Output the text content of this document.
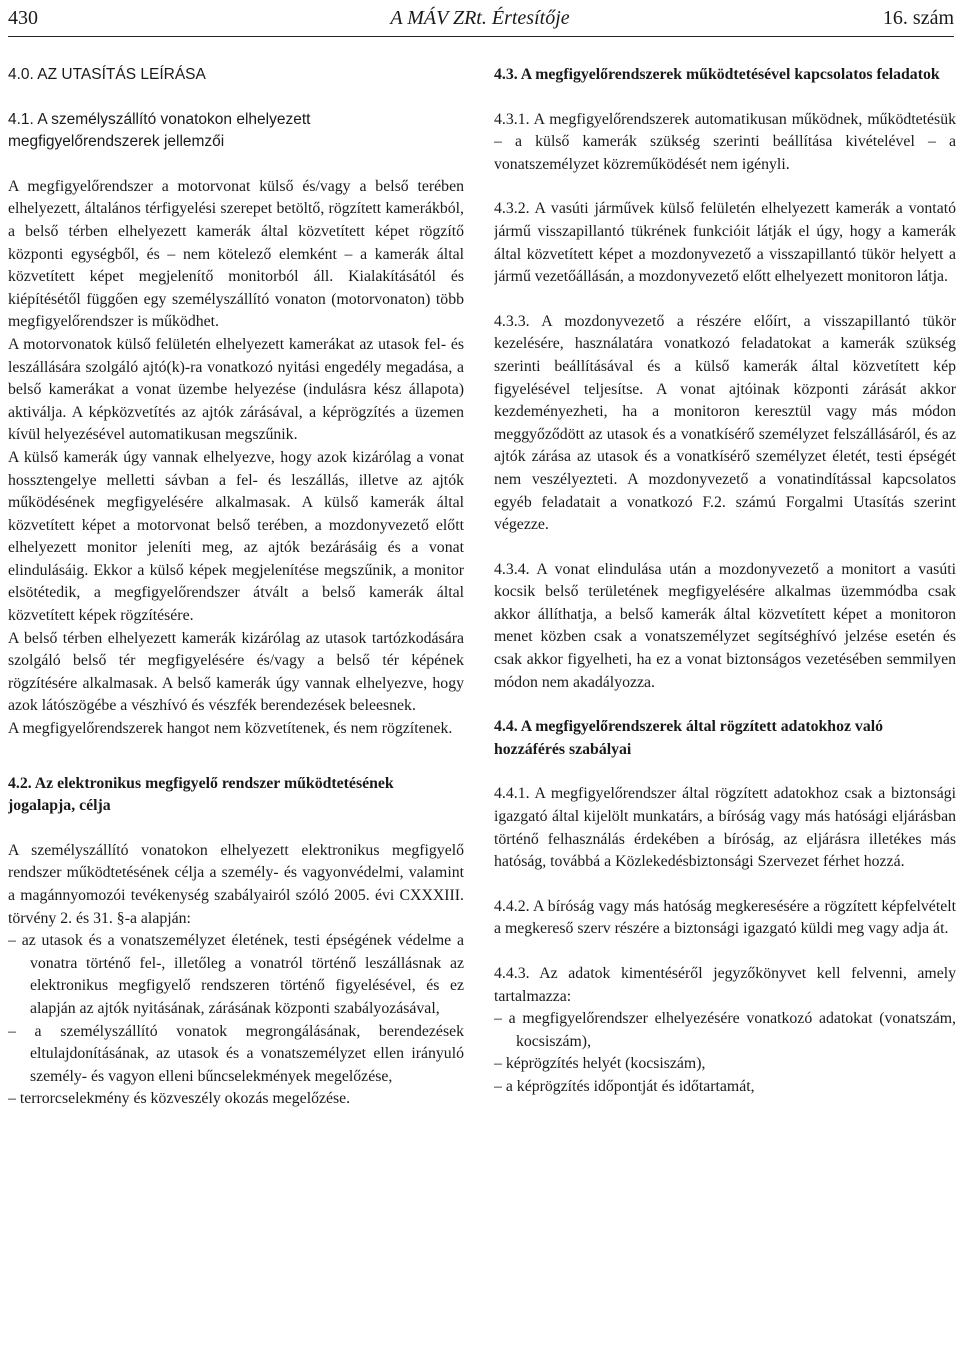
A MÁV ZRt. Értesítője
430	16. szám
4.0. AZ UTASÍTÁS LEÍRÁSA
4.1. A személyszállító vonatokon elhelyezett megfigyelőrendszerek jellemzői

A megfigyelőrendszer a motorvonat külső és/vagy a belső terében elhelyezett, általános térfigyelési szerepet betöltő, rögzített kamerákból, a belső térben elhelyezett kamerák által közvetített képet rögzítő központi egységből, és – nem kötelező elemként – a kamerák által közvetített képet megjelenítő monitorból áll. Kialakításától és kiépítésétől függően egy személyszállító vonaton (motorvonaton) több megfigyelőrendszer is működhet.

A motorvonatok külső felületén elhelyezett kamerákat az utasok fel- és leszállására szolgáló ajtó(k)-ra vonatkozó nyitási engedély megadása, a belső kamerákat a vonat üzembe helyezése (indulásra kész állapota) aktiválja. A képközvetítés az ajtók zárásával, a képrögzítés a üzemen kívül helyezésével automatikusan megszűnik.

A külső kamerák úgy vannak elhelyezve, hogy azok kizárólag a vonat hossztengelye melletti sávban a fel- és leszállás, illetve az ajtók működésének megfigyelésére alkalmasak. A külső kamerák által közvetített képet a motorvonat belső terében, a mozdonyvezető előtt elhelyezett monitor jeleníti meg, az ajtók bezárásáig és a vonat elindulásáig. Ekkor a külső képek megjelenítése megszűnik, a monitor elsötétedik, a megfigyelőrendszer átvált a belső kamerák által közvetített képek rögzítésére.

A belső térben elhelyezett kamerák kizárólag az utasok tartózkodására szolgáló belső tér megfigyelésére és/vagy a belső tér képének rögzítésére alkalmasak. A belső kamerák úgy vannak elhelyezve, hogy azok látószögébe a vészhívó és vészfék berendezések beleesnek.

A megfigyelőrendszerek hangot nem közvetítenek, és nem rögzítenek.

4.2. Az elektronikus megfigyelő rendszer működtetésének jogalapja, célja

A személyszállító vonatokon elhelyezett elektronikus megfigyelő rendszer működtetésének célja a személy- és vagyonvédelmi, valamint a magánnyomozói tevékenység szabályairól szóló 2005. évi CXXXIII. törvény 2. és 31. §-a alapján:

– az utasok és a vonatszemélyzet életének, testi épségének védelme a vonatra történő fel-, illetőleg a vonatról történő leszállásnak az elektronikus megfigyelő rendszeren történő figyelésével, és ez alapján az ajtók nyitásának, zárásának központi szabályozásával,

– a személyszállító vonatok megrongálásának, berendezések eltulajdonításának, az utasok és a vonatszemélyzet ellen irányuló személy- és vagyon elleni bűncselekmények megelőzése,

– terrorcselekmény és közveszély okozás megelőzése.

4.3. A megfigyelőrendszerek működtetésével kapcsolatos feladatok

4.3.1. A megfigyelőrendszerek automatikusan működnek, működtetésük – a külső kamerák szükség szerinti beállítása kivételével – a vonatszemélyzet közreműködését nem igényli.

4.3.2. A vasúti járművek külső felületén elhelyezett kamerák a vontató jármű visszapillantó tükrének funkcióit látják el úgy, hogy a kamerák által közvetített képet a mozdonyvezető a visszapillantó tükör helyett a jármű vezetőállásán, a mozdonyvezető előtt elhelyezett monitoron látja.

4.3.3. A mozdonyvezető a részére előírt, a visszapillantó tükör kezelésére, használatára vonatkozó feladatokat a kamerák szükség szerinti beállításával és a külső kamerák által közvetített kép figyelésével teljesítse. A vonat ajtóinak központi zárását akkor kezdeményezheti, ha a monitoron keresztül vagy más módon meggyőződött az utasok és a vonatkísérő személyzet felszállásáról, és az ajtók zárása az utasok és a vonatkísérő személyzet életét, testi épségét nem veszélyezteti. A mozdonyvezető a vonatindítással kapcsolatos egyéb feladatait a vonatkozó F.2. számú Forgalmi Utasítás szerint végezze.

4.3.4. A vonat elindulása után a mozdonyvezető a monitort a vasúti kocsik belső területének megfigyelésére alkalmas üzemmódba csak akkor állíthatja, a belső kamerák által közvetített képet a monitoron menet közben csak a vonatszemélyzet segítséghívó jelzése esetén és csak akkor figyelheti, ha ez a vonat biztonságos vezetésében semmilyen módon nem akadályozza.

4.4. A megfigyelőrendszerek által rögzített adatokhoz való hozzáférés szabályai

4.4.1. A megfigyelőrendszer által rögzített adatokhoz csak a biztonsági igazgató által kijelölt munkatárs, a bíróság vagy más hatósági eljárásban történő felhasználás érdekében a bíróság, az eljárásra illetékes más hatóság, továbbá a Közlekedésbiztonsági Szervezet férhet hozzá.

4.4.2. A bíróság vagy más hatóság megkeresésére a rögzített képfelvételt a megkereső szerv részére a biztonsági igazgató küldi meg vagy adja át.

4.4.3. Az adatok kimentéséről jegyzőkönyvet kell felvenni, amely tartalmazza:

– a megfigyelőrendszer elhelyezésére vonatkozó adatokat (vonatszám, kocsiszám),

– képrögzítés helyét (kocsiszám),

– a képrögzítés időpontját és időtartamát,
